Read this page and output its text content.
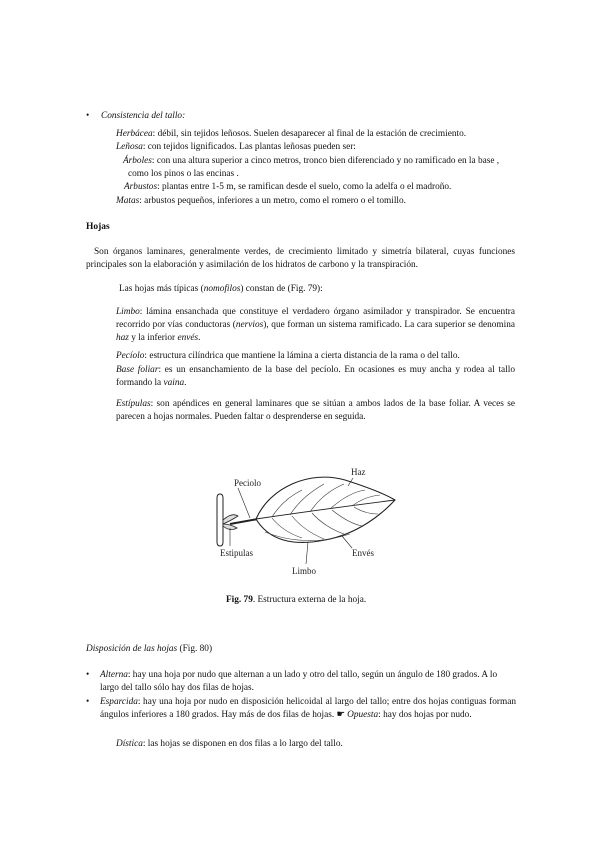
• Consistencia del tallo:
Herbácea: débil, sin tejidos leñosos. Suelen desaparecer al final de la estación de crecimiento.
Leñosa: con tejidos lignificados. Las plantas leñosas pueden ser:
Árboles: con una altura superior a cinco metros, tronco bien diferenciado y no ramificado en la base , como los pinos o las encinas .
Arbustos: plantas entre 1-5 m, se ramifican desde el suelo, como la adelfa o el madroño.
Matas: arbustos pequeños, inferiores a un metro, como el romero o el tomillo.
Hojas
Son órganos laminares, generalmente verdes, de crecimiento limitado y simetría bilateral, cuyas funciones principales son la elaboración y asimilación de los hidratos de carbono y la transpiración.
Las hojas más típicas (nomofilos) constan de (Fig. 79):
Limbo: lámina ensanchada que constituye el verdadero órgano asimilador y transpirador. Se encuentra recorrido por vías conductoras (nervios), que forman un sistema ramificado. La cara superior se denomina haz y la inferior envés.
Pecíolo: estructura cilíndrica que mantiene la lámina a cierta distancia de la rama o del tallo.
Base foliar: es un ensanchamiento de la base del pecíolo. En ocasiones es muy ancha y rodea al tallo formando la vaina.
Estípulas: son apéndices en general laminares que se sitúan a ambos lados de la base foliar. A veces se parecen a hojas normales. Pueden faltar o desprenderse en seguida.
Peciolo
Haz
Estipulas	Envés
Limbo
Fig. 79. Estructura externa de la hoja.
Disposición de las hojas (Fig. 80)
• Alterna: hay una hoja por nudo que alternan a un lado y otro del tallo, según un ángulo de 180 grados. A lo largo del tallo sólo hay dos filas de hojas.
• Esparcida: hay una hoja por nudo en disposición helicoidal al largo del tallo; entre dos hojas contiguas forman ángulos inferiores a 180 grados. Hay más de dos filas de hojas. ☛ Opuesta: hay dos hojas por nudo.
Dística: las hojas se disponen en dos filas a lo largo del tallo.
